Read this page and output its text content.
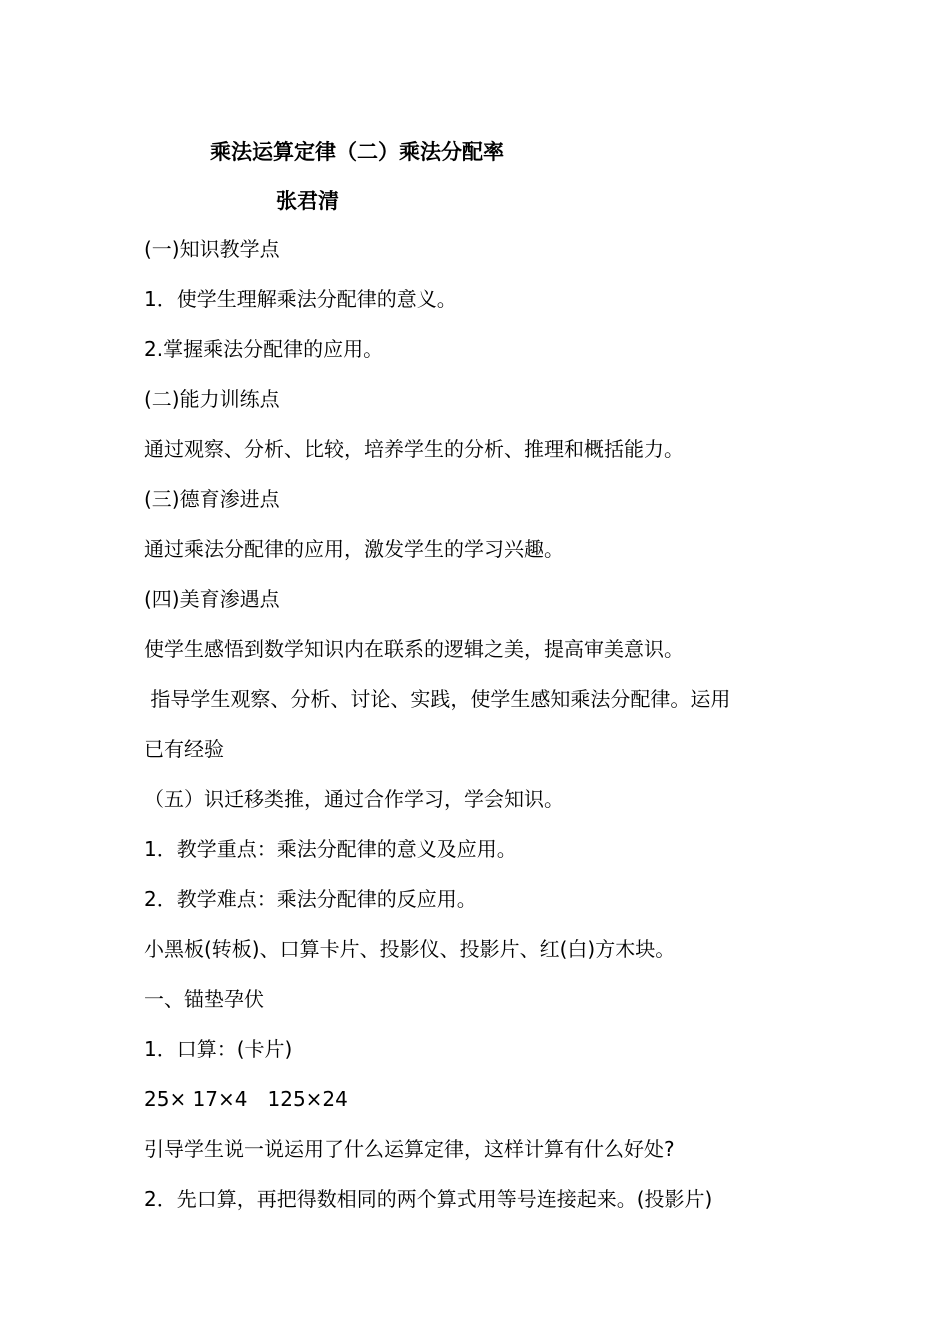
乘法运算定律（二）乘法分配率
张君清
(一)知识教学点
1．使学生理解乘法分配律的意义。
2.掌握乘法分配律的应用。
(二)能力训练点
通过观察、分析、比较，培养学生的分析、推理和概括能力。
(三)德育渗进点
通过乘法分配律的应用，激发学生的学习兴趣。
(四)美育渗遇点
使学生感悟到数学知识内在联系的逻辑之美，提高审美意识。
指导学生观察、分析、讨论、实践，使学生感知乘法分配律。运用
已有经验
（五）识迁移类推，通过合作学习，学会知识。
1．教学重点：乘法分配律的意义及应用。
2．教学难点：乘法分配律的反应用。
小黑板(转板)、口算卡片、投影仪、投影片、红(白)方木块。
一、锚垫孕伏
1．口算：(卡片)
25× 17×4　125×24
引导学生说一说运用了什么运算定律，这样计算有什么好处?
2．先口算，再把得数相同的两个算式用等号连接起来。(投影片)
